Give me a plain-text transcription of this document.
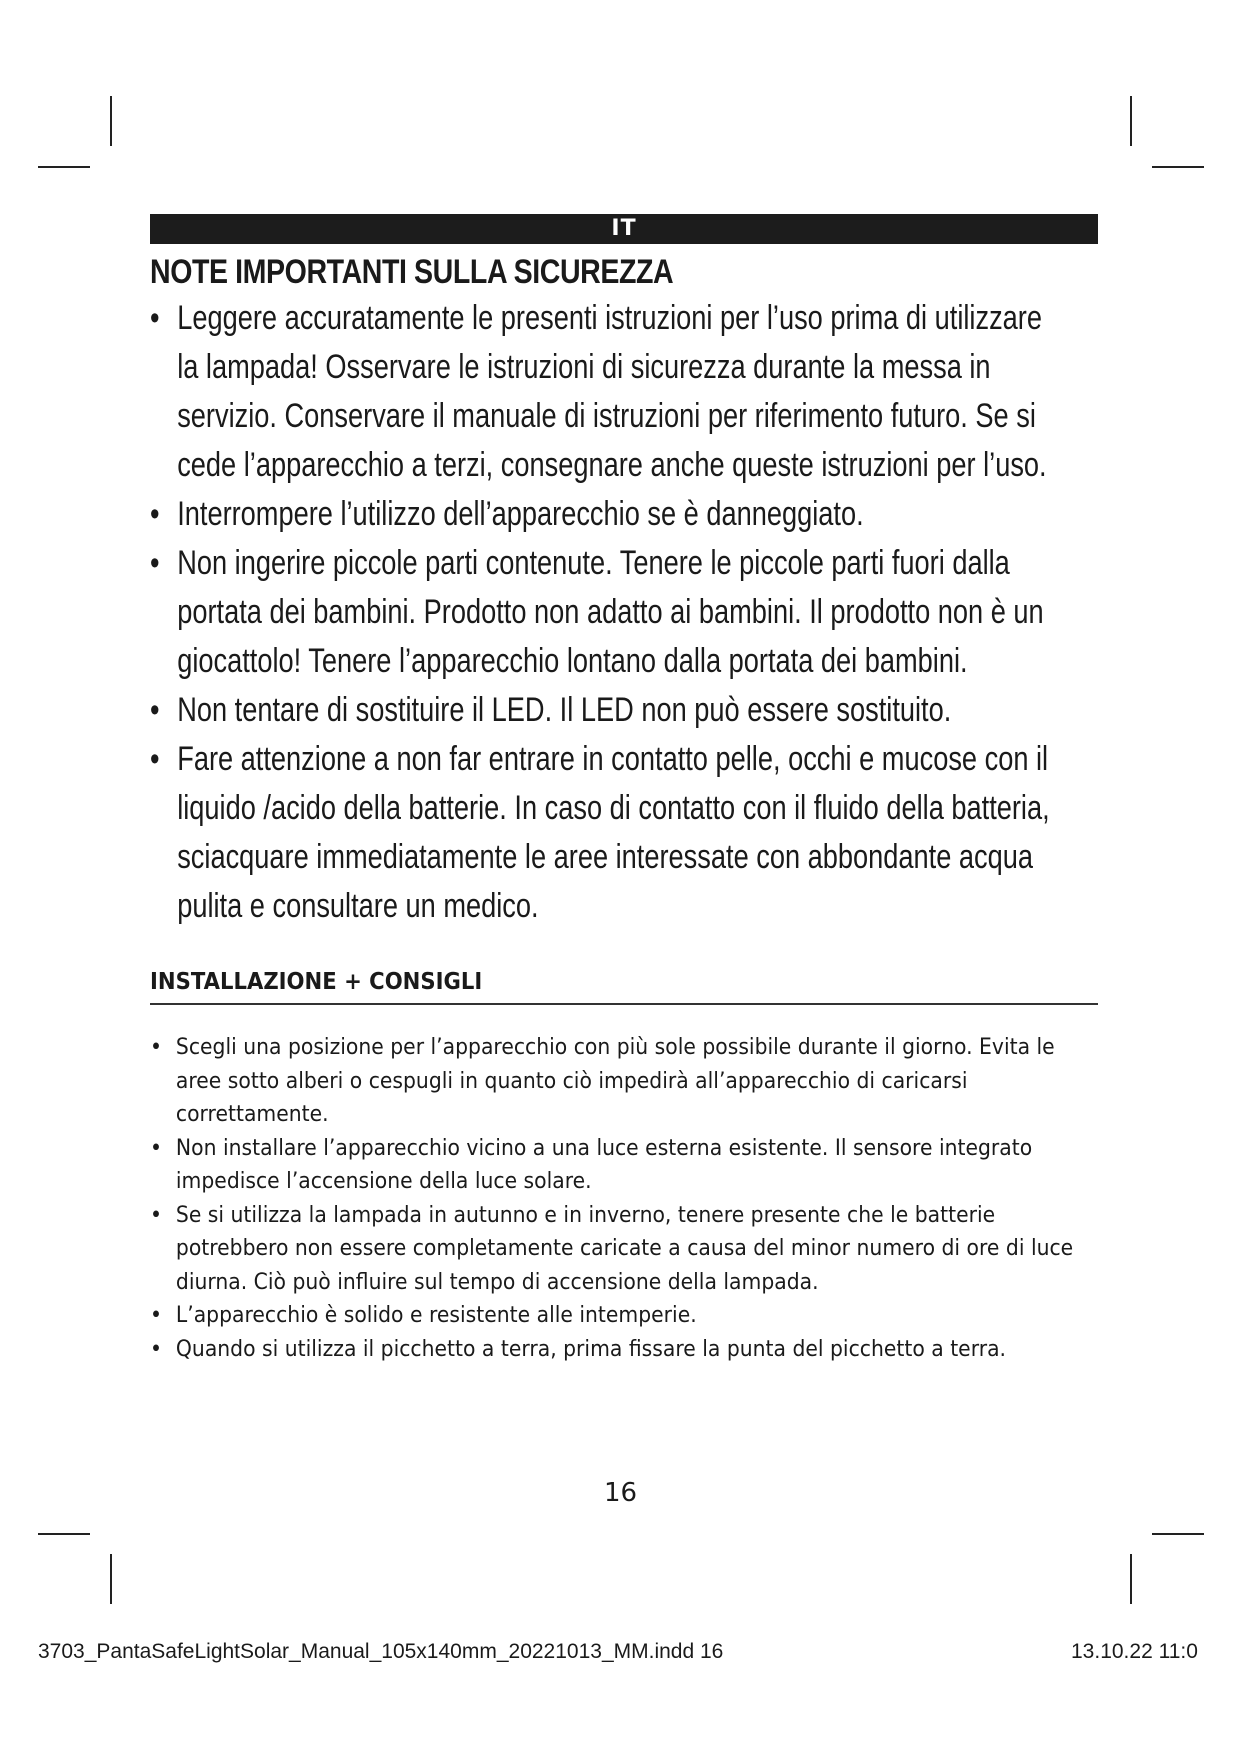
IT
NOTE IMPORTANTI SULLA SICUREZZA
• Leggere accuratamente le presenti istruzioni per l’uso prima di utilizzare la lampada! Osservare le istruzioni di sicurezza durante la messa in servizio. Conservare il manuale di istruzioni per riferimento futuro. Se si cede l’apparecchio a terzi, consegnare anche queste istruzioni per l’uso.
• Interrompere l’utilizzo dell’apparecchio se è danneggiato.
• Non ingerire piccole parti contenute. Tenere le piccole parti fuori dalla portata dei bambini. Prodotto non adatto ai bambini. Il prodotto non è un giocattolo! Tenere l’apparecchio lontano dalla portata dei bambini.
• Non tentare di sostituire il LED. Il LED non può essere sostituito.
• Fare attenzione a non far entrare in contatto pelle, occhi e mucose con il liquido /acido della batterie. In caso di contatto con il fluido della batteria, sciacquare immediatamente le aree interessate con abbondante acqua pulita e consultare un medico.
INSTALLAZIONE + CONSIGLI
• Scegli una posizione per l’apparecchio con più sole possibile durante il giorno. Evita le aree sotto alberi o cespugli in quanto ciò impedirà all’apparecchio di caricarsi correttamente.
• Non installare l’apparecchio vicino a una luce esterna esistente. Il sensore integrato impedisce l’accensione della luce solare.
• Se si utilizza la lampada in autunno e in inverno, tenere presente che le batterie potrebbero non essere completamente caricate a causa del minor numero di ore di luce diurna. Ciò può influire sul tempo di accensione della lampada.
• L’apparecchio è solido e resistente alle intemperie.
• Quando si utilizza il picchetto a terra, prima fissare la punta del picchetto a terra.
16
3703_PantaSafeLightSolar_Manual_105x140mm_20221013_MM.indd 16	13.10.22 11:0
